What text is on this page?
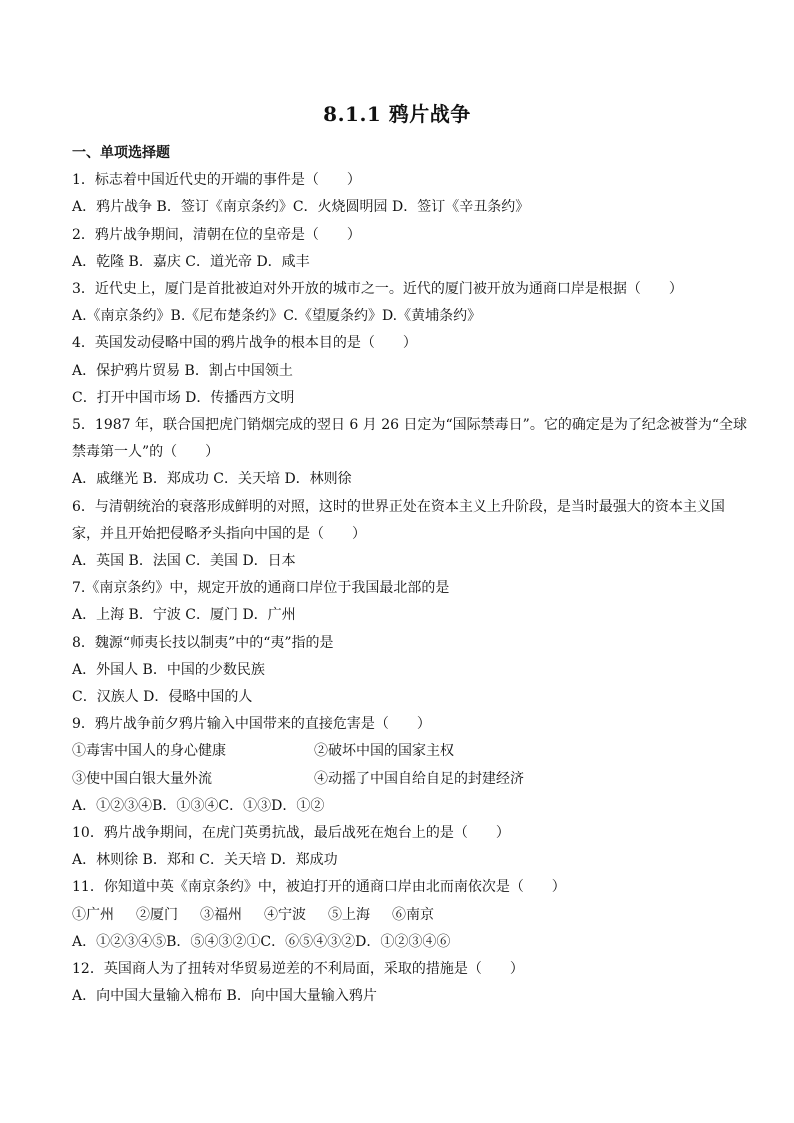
8.1.1 鸦片战争
一、单项选择题
1．标志着中国近代史的开端的事件是（　　）
A．鸦片战争 B．签订《南京条约》C．火烧圆明园 D．签订《辛丑条约》
2．鸦片战争期间，清朝在位的皇帝是（　　）
A．乾隆 B．嘉庆 C．道光帝 D．咸丰
3．近代史上，厦门是首批被迫对外开放的城市之一。近代的厦门被开放为通商口岸是根据（　　）
A.《南京条约》B.《尼布楚条约》C.《望厦条约》D.《黄埔条约》
4．英国发动侵略中国的鸦片战争的根本目的是（　　）
A．保护鸦片贸易 B．割占中国领土
C．打开中国市场 D．传播西方文明
5．1987 年，联合国把虎门销烟完成的翌日 6 月 26 日定为“国际禁毒日”。它的确定是为了纪念被誉为“全球
禁毒第一人”的（　　）
A．戚继光 B．郑成功 C．关天培 D．林则徐
6．与清朝统治的衰落形成鲜明的对照，这时的世界正处在资本主义上升阶段，是当时最强大的资本主义国
家，并且开始把侵略矛头指向中国的是（　　）
A．英国 B．法国 C．美国 D．日本
7.《南京条约》中，规定开放的通商口岸位于我国最北部的是
A．上海 B．宁波 C．厦门 D．广州
8．魏源“师夷长技以制夷”中的“夷”指的是
A．外国人 B．中国的少数民族
C．汉族人 D．侵略中国的人
9．鸦片战争前夕鸦片输入中国带来的直接危害是（　　）
①毒害中国人的身心健康	②破坏中国的国家主权
③使中国白银大量外流	④动摇了中国自给自足的封建经济
A．①②③④B．①③④C．①③D．①②
10．鸦片战争期间，在虎门英勇抗战，最后战死在炮台上的是（　　）
A．林则徐 B．郑和 C．关天培 D．郑成功
11．你知道中英《南京条约》中，被迫打开的通商口岸由北而南依次是（　　）
①广州 ②厦门 ③福州 ④宁波 ⑤上海 ⑥南京
A．①②③④⑤B．⑤④③②①C．⑥⑤④③②D．①②③④⑥
12．英国商人为了扭转对华贸易逆差的不利局面，采取的措施是（　　）
A．向中国大量输入棉布 B．向中国大量输入鸦片
